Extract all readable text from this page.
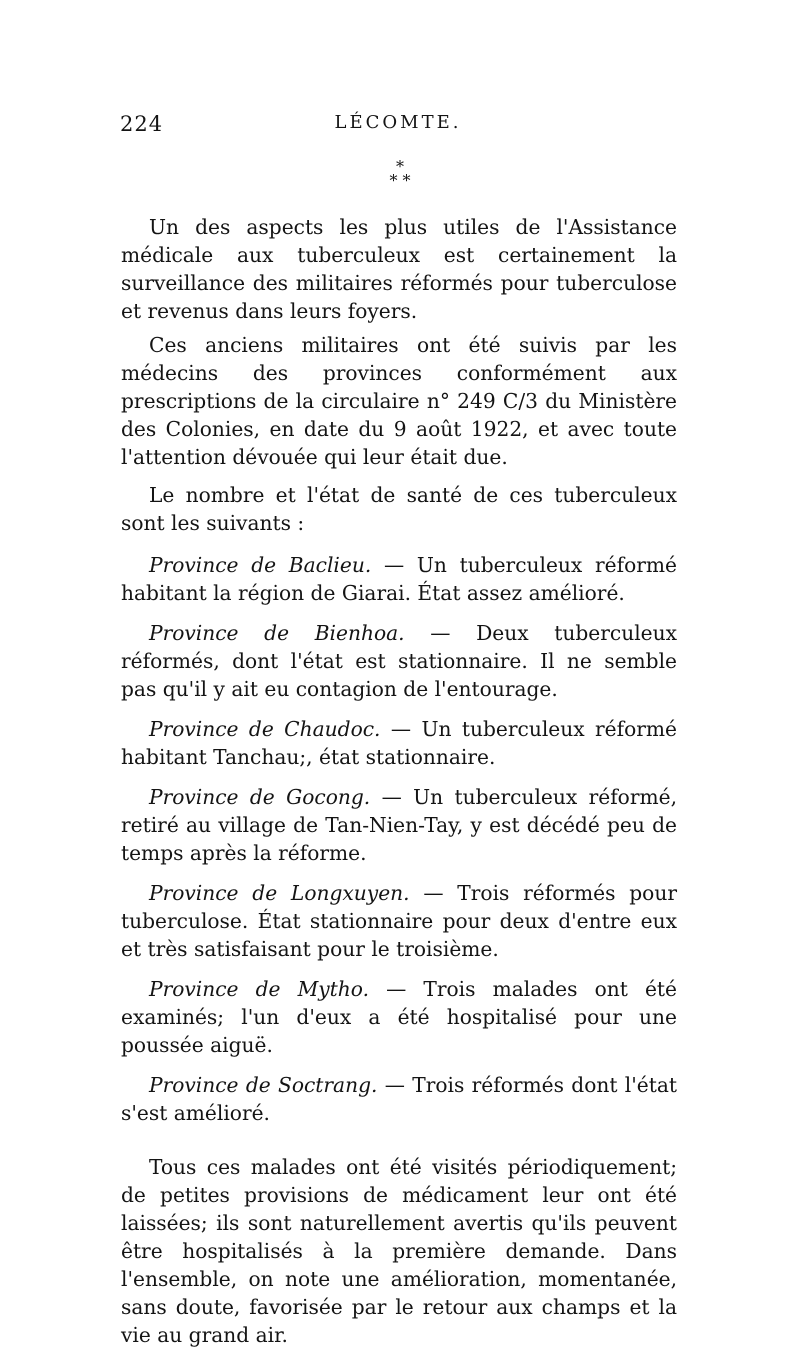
224	LÉCOMTE.
*
* *

Un des aspects les plus utiles de l'Assistance médicale aux tuberculeux est certainement la surveillance des militaires réformés pour tuberculose et revenus dans leurs foyers.

Ces anciens militaires ont été suivis par les médecins des provinces conformément aux prescriptions de la circulaire n° 249 C/3 du Ministère des Colonies, en date du 9 août 1922, et avec toute l'attention dévouée qui leur était due.

Le nombre et l'état de santé de ces tuberculeux sont les suivants :

Province de Baclieu. — Un tuberculeux réformé habitant la région de Giarai. État assez amélioré.

Province de Bienhoa. — Deux tuberculeux réformés, dont l'état est stationnaire. Il ne semble pas qu'il y ait eu contagion de l'entourage.

Province de Chaudoc. — Un tuberculeux réformé habitant Tanchau;, état stationnaire.

Province de Gocong. — Un tuberculeux réformé, retiré au village de Tan-Nien-Tay, y est décédé peu de temps après la réforme.

Province de Longxuyen. — Trois réformés pour tuberculose. État stationnaire pour deux d'entre eux et très satisfaisant pour le troisième.

Province de Mytho. — Trois malades ont été examinés; l'un d'eux a été hospitalisé pour une poussée aiguë.

Province de Soctrang. — Trois réformés dont l'état s'est amélioré.

Tous ces malades ont été visités périodiquement; de petites provisions de médicament leur ont été laissées; ils sont naturellement avertis qu'ils peuvent être hospitalisés à la première demande. Dans l'ensemble, on note une amélioration, momentanée, sans doute, favorisée par le retour aux champs et la vie au grand air.
